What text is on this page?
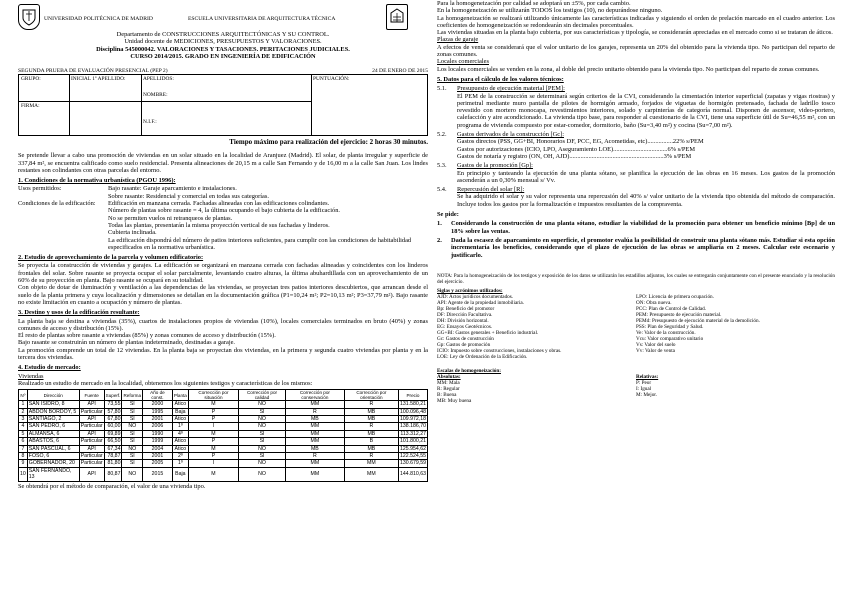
UNIVERSIDAD POLITÉCNICA DE MADRID	ESCUELA UNIVERSITARIA DE ARQUITECTURA TÉCNICA

Departamento de CONSTRUCCIONES ARQUITECTÓNICAS Y SU CONTROL.

Unidad docente de MEDICIONES, PRESUPUESTOS Y VALORACIONES.

Disciplina 545000042. VALORACIONES Y TASACIONES. PERITACIONES JUDICIALES.

CURSO 2014/2015. GRADO EN INGENIERÍA DE EDIFICACIÓN

SEGUNDA PRUEBA DE EVALUACIÓN PRESENCIAL (PEP 2)	24 DE ENERO DE 2015
GRUPO:	INICIAL 1º APELLIDO:	APELLIDOS:	PUNTUACIÓN:
NOMBRE:
FIRMA:
N.I.F.:

Tiempo máximo para realización del ejercicio: 2 horas 30 minutos.

Se pretende llevar a cabo una promoción de viviendas en un solar situado en la localidad de Aranjuez (Madrid). El solar, de planta irregular y superficie de 337,84 m², se encuentra calificado como suelo residencial. Presenta alineaciones de 20,15 m a calle San Fernando y de 16,00 m a la calle San Juan. Los lindes restantes son colindantes con otras parcelas del entorno.

1. Condiciones de la normativa urbanística (PGOU 1996):

Usos permitidos:	Bajo rasante: Garaje aparcamiento e instalaciones.

Sobre rasante: Residencial y comercial en todas sus categorías.

Condiciones de la edificación:	Edificación en manzana cerrada. Fachadas alineadas con las edificaciones colindantes.

Número de plantas sobre rasante = 4, la última ocupando el bajo cubierta de la edificación.

No se permiten vuelos ni retranqueos de plantas.

Todas las plantas, presentarán la misma proyección vertical de sus fachadas y linderos.

Cubierta inclinada.

La edificación dispondrá del número de patios interiores suficientes, para cumplir con las condiciones de habitabilidad especificados en la normativa urbanística.

2. Estudio de aprovechamiento de la parcela y volumen edificatorio:

Se proyecta la construcción de viviendas y garajes. La edificación se organizará en manzana cerrada con fachadas alineadas y coincidentes con los linderos frontales del solar. Sobre rasante se proyecta ocupar el solar parcialmente, levantando cuatro alturas, la última abuhardillada con un aprovechamiento de un 60% de su proyección en planta. Bajo rasante se ocupará en su totalidad.

Con objeto de dotar de iluminación y ventilación a las dependencias de las viviendas, se proyectan tres patios interiores descubiertos, que arrancan desde el suelo de la planta primera y cuya localización y dimensiones se detallan en la documentación gráfica (P1=10,24 m²; P2=10,13 m²; P3=37,79 m²). Bajo rasante no existe limitación en cuanto a ocupación y número de plantas.

3. Destino y usos de la edificación resultante:

La planta baja se destina a viviendas (35%), cuartos de instalaciones propios de viviendas (10%), locales comerciales terminados en bruto (40%) y zonas comunes de acceso y distribución (15%).

El resto de plantas sobre rasante a viviendas (85%) y zonas comunes de acceso y distribución (15%).

Bajo rasante se construirán un número de plantas indeterminado, destinadas a garaje.

La promoción comprende un total de 12 viviendas. En la planta baja se proyectan dos viviendas, en la primera y segunda cuatro viviendas por planta y en la tercera dos viviendas.

4. Estudio de mercado:

Viviendas

Realizado un estudio de mercado en la localidad, obtenemos los siguientes testigos y características de los mismos:

Nº	Dirección	Fuente	Superf.	Reforma	Año de const.	Planta	Corrección por situación	Corrección por calidad	Corrección por conservación	Corrección por orientación	Precio
1	SAN ISIDRO, 8	API	73,55	SI	2000	Ático	M	NO	MM	R	131.580,21
2	ABDON BORDOY, 5	Particular	57,80	SI	1995	Baja	P	SI	R	MB	100.096,48
3	SANTIAGO, 2	API	67,80	SI	2001	Ático	P	NO	MB	MB	109.972,18
4	SAN PEDRO, 6	Particular	60,00	NO	2006	1º	I	NO	MM	R	138.186,70
5	ALMANSA, 6	API	69,89	SI	1990	4º	M	SI	MM	MB	113.312,27
6	ABASTOS, 6	Particular	66,50	SI	1999	Ático	P	SI	MM	B	101.800,21
7	SAN PASCUAL, 6	API	67,34	NO	2004	Ático	M	NO	MB	MB	125.954,62
8	FOSO, 6	Particular	78,87	SI	2001	2º	P	SI	R	R	122.524,55
9	GOBERNADOR, 20	Particular	81,80	SI	2005	1º	I	NO	MM	MM	130.679,59
10	SAN FERNANDO, 13	API	80,87	NO	2015	Baja	M	NO	MM	MM	144.810,63

Se obtendrá por el método de comparación, el valor de una vivienda tipo.

Para la homogeneización por calidad se adoptará un ±5%, por cada cambio.

En la homogeneización se utilizarán TODOS los testigos (10), no depurándose ninguno.

La homogeneización se realizará utilizando únicamente las características indicadas y siguiendo el orden de prelación marcado en el cuadro anterior. Los coeficientes de homogeneización se redondearán sin decimales porcentuales.

Las viviendas situadas en la planta bajo cubierta, por sus características y tipología, se considerarán apreciadas en el mercado como si se trataran de áticos.

Plazas de garaje

A efectos de venta se considerará que el valor unitario de los garajes, representa un 20% del obtenido para la vivienda tipo. No participan del reparto de zonas comunes.

Locales comerciales

Los locales comerciales se venden en la zona, al doble del precio unitario obtenido para la vivienda tipo. No participan del reparto de zonas comunes.

5. Datos para el cálculo de los valores técnicos:

5.1.	Presupuesto de ejecución material [PEM]:

El PEM de la construcción se determinará según criterios de la CVI, considerando la cimentación interior superficial (zapatas y vigas riostras) y perimetral mediante muro pantalla de pilotes de hormigón armado, forjados de viguetas de hormigón pretensado, fachada de ladrillo tosco revestido con mortero monocapa, revestimientos interiores, solado y carpinterías de categoría normal. Disponen de ascensor, video-portero, calefacción y aire acondicionado. La vivienda tipo base, para responder al cuestionario de la CVI, tiene una superficie útil de Su=46,55 m², con un programa de vivienda compuesto por estar-comedor, dormitorio, baño (Su=3,40 m²) y cocina (Su=7,00 m²).

5.2.	Gastos derivados de la construcción [Gc]:

Gastos directos (PSS, GG+BI, Honorarios DF, PCC, EG, Acometidas, etc)................22% s/PEM

Gastos por autorizaciones (ICIO, LPO, Aseguramiento LOE)..................................6% s/PEM

Gastos de notaría y registro (ON, OH, AJD)...........................................................3% s/PEM

5.3.	Gastos de la promoción [Gp]:

En principio y tanteando la ejecución de una planta sótano, se planifica la ejecución de las obras en 16 meses. Los gastos de la promoción ascenderán a un 0,30% mensual s/ Vv.

5.4.	Repercusión del solar [R]:

Se ha adquirido el solar y su valor representa una repercusión del 40% s/ valor unitario de la vivienda tipo obtenida del método de comparación. Incluye todos los gastos por la formalización e impuestos resultantes de la compraventa.

Se pide:

1.	Considerando la construcción de una planta sótano, estudiar la viabilidad de la promoción para obtener un beneficio mínimo [Bp] de un 18% sobre las ventas.

2.	Dada la escasez de aparcamiento en superficie, el promotor evalúa la posibilidad de construir una planta sótano más. Estudiar si esta opción incrementaría los beneficios, considerando que el plazo de ejecución de las obras se ampliaría en 2 meses. Calcular este escenario y justificarlo.

NOTA: Para la homogeneización de los testigos y exposición de los datos se utilizarán los estadillos adjuntos, los cuales se entregarán conjuntamente con el presente enunciado y la resolución del ejercicio.

Siglas y acrónimos utilizados:

AJD: Actos jurídicos documentados.

API: Agente de la propiedad inmobiliaria.

Bp: Beneficio del promotor

DF: Dirección Facultativa.

DH: División horizontal.

EG: Ensayos Geotécnicos.

GG+BI: Gastos generales + Beneficio industrial.

Gc: Gastos de construcción

Gp: Gastos de promoción

ICIO: Impuesto sobre construcciones, instalaciones y obras.

LOE: Ley de Ordenación de la Edificación.

LPO: Licencia de primera ocupación.

ON: Obra nueva.

PCC: Plan de Control de Calidad.

PEM: Presupuesto de ejecución material.

PEMd: Presupuesto de ejecución material de la demolición.

PSS: Plan de Seguridad y Salud.

Ve: Valor de la construcción.

Vcu: Valor comparativo unitario

Vs: Valor del suelo

Vv: Valor de venta

Escalas de homogeneización:

Absolutas:

MM: Mala

R: Regular

B: Buena

MB: Muy buena

Relativas:

P: Peor

I: Igual

M: Mejor.
